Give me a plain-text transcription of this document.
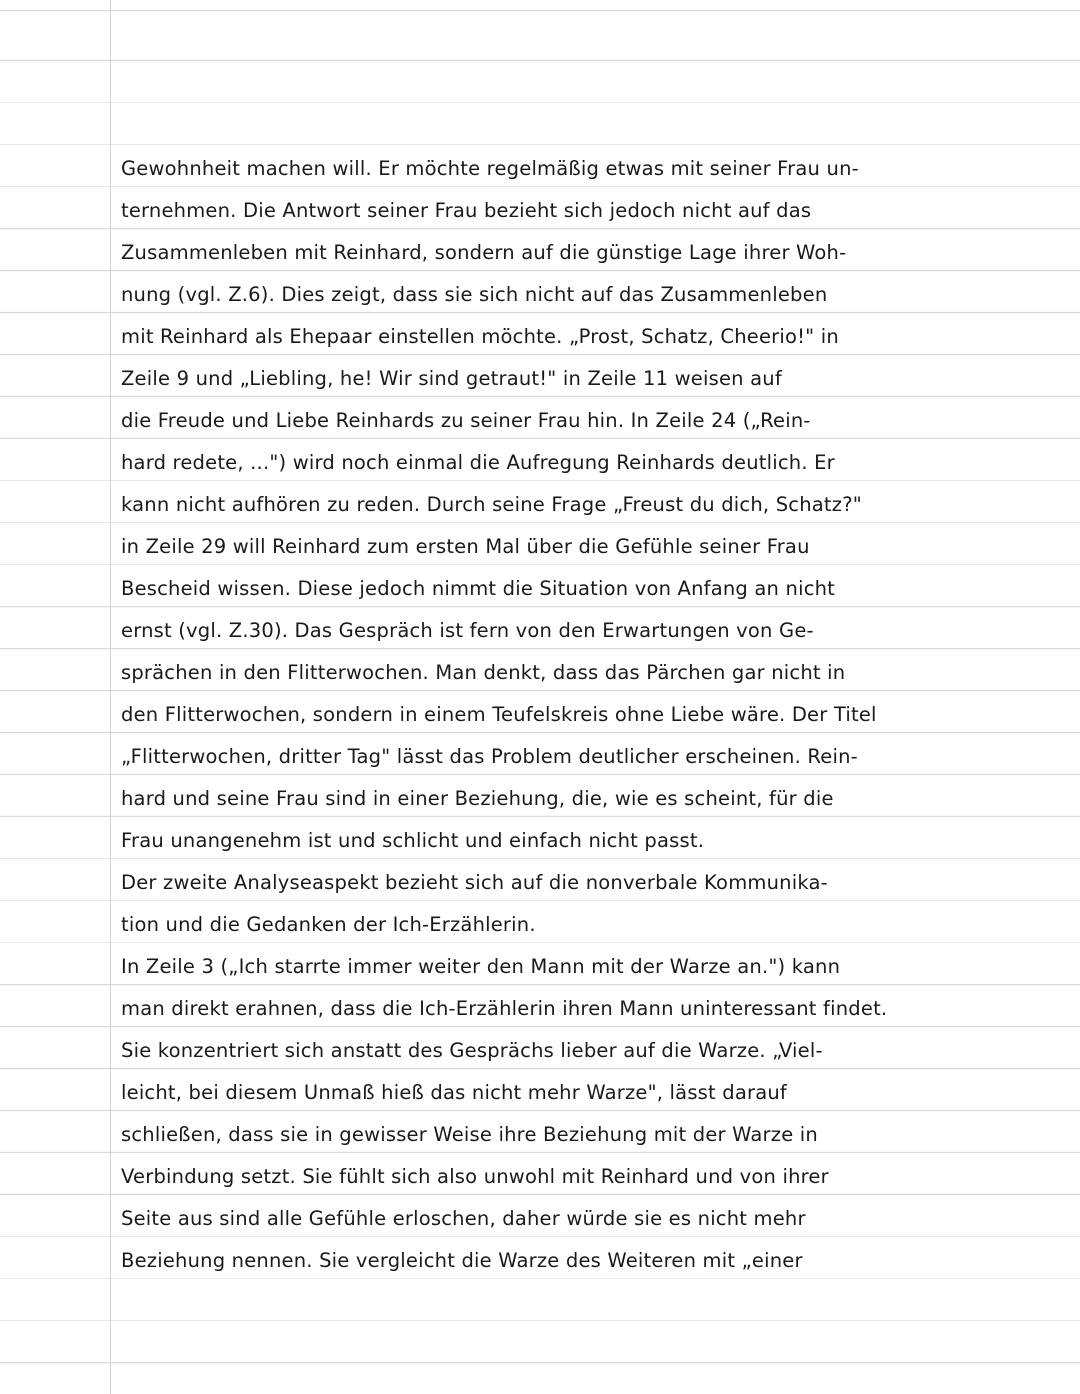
Gewohnheit machen will. Er möchte regelmäßig etwas mit seiner Frau un-
ternehmen. Die Antwort seiner Frau bezieht sich jedoch nicht auf das
Zusammenleben mit Reinhard, sondern auf die günstige Lage ihrer Woh-
nung (vgl. Z.6). Dies zeigt, dass sie sich nicht auf das Zusammenleben
mit Reinhard als Ehepaar einstellen möchte. „Prost, Schatz, Cheerio!" in
Zeile 9 und „Liebling, he! Wir sind getraut!" in Zeile 11 weisen auf
die Freude und Liebe Reinhards zu seiner Frau hin. In Zeile 24 („Rein-
hard redete, ...") wird noch einmal die Aufregung Reinhards deutlich. Er
kann nicht aufhören zu reden. Durch seine Frage „Freust du dich, Schatz?"
in Zeile 29 will Reinhard zum ersten Mal über die Gefühle seiner Frau
Bescheid wissen. Diese jedoch nimmt die Situation von Anfang an nicht
ernst (vgl. Z.30). Das Gespräch ist fern von den Erwartungen von Ge-
sprächen in den Flitterwochen. Man denkt, dass das Pärchen gar nicht in
den Flitterwochen, sondern in einem Teufelskreis ohne Liebe wäre. Der Titel
„Flitterwochen, dritter Tag" lässt das Problem deutlicher erscheinen. Rein-
hard und seine Frau sind in einer Beziehung, die, wie es scheint, für die
Frau unangenehm ist und schlicht und einfach nicht passt.
Der zweite Analyseaspekt bezieht sich auf die nonverbale Kommunika-
tion und die Gedanken der Ich-Erzählerin.
In Zeile 3 („Ich starrte immer weiter den Mann mit der Warze an.") kann
man direkt erahnen, dass die Ich-Erzählerin ihren Mann uninteressant findet.
Sie konzentriert sich anstatt des Gesprächs lieber auf die Warze. „Viel-
leicht, bei diesem Unmaß hieß das nicht mehr Warze", lässt darauf
schließen, dass sie in gewisser Weise ihre Beziehung mit der Warze in
Verbindung setzt. Sie fühlt sich also unwohl mit Reinhard und von ihrer
Seite aus sind alle Gefühle erloschen, daher würde sie es nicht mehr
Beziehung nennen. Sie vergleicht die Warze des Weiteren mit „einer
